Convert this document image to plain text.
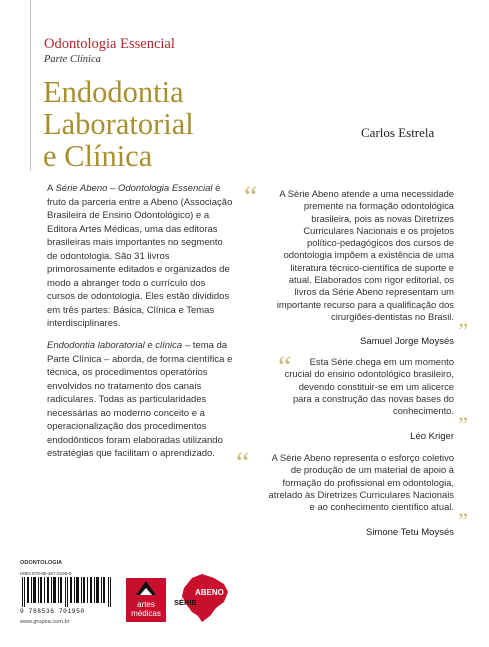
Odontologia Essencial
Parte Clínica
Endodontia
Laboratorial
e Clínica
Carlos Estrela

A Série Abeno – Odontologia Essencial é fruto da parceria entre a Abeno (Associação Brasileira de Ensino Odontológico) e a Editora Artes Médicas, uma das editoras brasileiras mais importantes no segmento de odontologia. São 31 livros primorosamente editados e organizados de modo a abranger todo o currículo dos cursos de odontologia. Eles estão divididos em três partes: Básica, Clínica e Temas interdisciplinares.

Endodontia laboratorial e clínica – tema da Parte Clínica – aborda, de forma científica e técnica, os procedimentos operatórios envolvidos no tratamento dos canais radiculares. Todas as particularidades necessárias ao moderno conceito e a operacionalização dos procedimentos endodônticos foram elaboradas utilizando estratégias que facilitam o aprendizado.

“	A Série Abeno atende a uma necessidade
premente na formação odontológica
brasileira, pois as novas Diretrizes
Curriculares Nacionais e os projetos
político-pedagógicos dos cursos de
odontologia impõem a existência de uma
literatura técnico-científica de suporte e
atual. Elaborados com rigor editorial, os
livros da Série Abeno representam um
importante recurso para a qualificação dos
cirurgiões-dentistas no Brasil.
”
Samuel Jorge Moysés
“	Esta Série chega em um momento
crucial do ensino odontológico brasileiro,
devendo constituir-se em um alicerce
para a construção das novas bases do
conhecimento.
”
Léo Kriger
“	A Série Abeno representa o esforço coletivo
de produção de um material de apoio à
formação do profissional em odontologia,
atrelado às Diretrizes Curriculares Nacionais
e ao conhecimento científico atual.
”
Simone Tetu Moysés
ODONTOLOGIA
ISBN 978-85-367-0195-0
9 788536 701950
www.grupoa.com.br
artes
médicas
SÉRIE
ABENO
